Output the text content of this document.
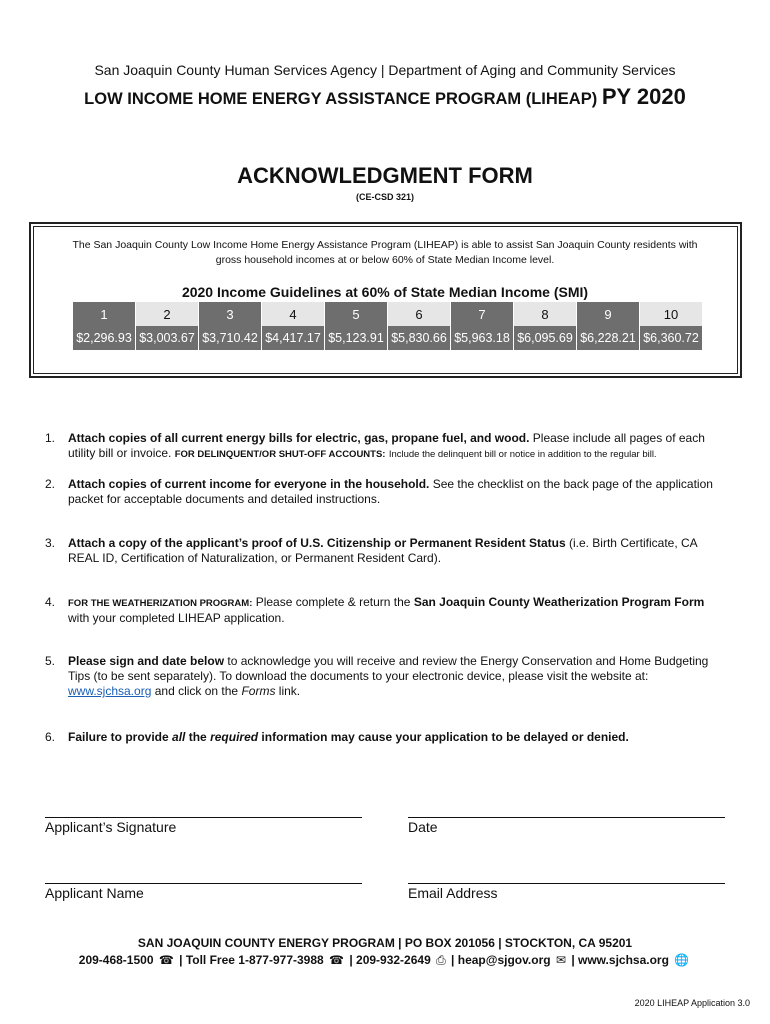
San Joaquin County Human Services Agency | Department of Aging and Community Services
LOW INCOME HOME ENERGY ASSISTANCE PROGRAM (LIHEAP) PY 2020
ACKNOWLEDGMENT FORM
(CE-CSD 321)
The San Joaquin County Low Income Home Energy Assistance Program (LIHEAP) is able to assist San Joaquin County residents with
gross household incomes at or below 60% of State Median Income level.
2020 Income Guidelines at 60% of State Median Income (SMI)
1	2	3	4	5	6	7	8	9	10
$2,296.93	$3,003.67	$3,710.42	$4,417.17	$5,123.91	$5,830.66	$5,963.18	$6,095.69	$6,228.21	$6,360.72
1. Attach copies of all current energy bills for electric, gas, propane fuel, and wood. Please include all pages of each utility bill or invoice. FOR DELINQUENT/OR SHUT-OFF ACCOUNTS: Include the delinquent bill or notice in addition to the regular bill.
2. Attach copies of current income for everyone in the household. See the checklist on the back page of the application packet for acceptable documents and detailed instructions.
3. Attach a copy of the applicant’s proof of U.S. Citizenship or Permanent Resident Status (i.e. Birth Certificate, CA REAL ID, Certification of Naturalization, or Permanent Resident Card).
4. FOR THE WEATHERIZATION PROGRAM: Please complete & return the San Joaquin County Weatherization Program Form with your completed LIHEAP application.
5. Please sign and date below to acknowledge you will receive and review the Energy Conservation and Home Budgeting Tips (to be sent separately). To download the documents to your electronic device, please visit the website at: www.sjchsa.org and click on the Forms link.
6. Failure to provide all the required information may cause your application to be delayed or denied.
Applicant’s Signature	Date
Applicant Name	Email Address
SAN JOAQUIN COUNTY ENERGY PROGRAM | PO BOX 201056 | STOCKTON, CA 95201
209-468-1500 ☎ | Toll Free 1-877-977-3988 ☎ | 209-932-2649 ⎙ | heap@sjgov.org ✉ | www.sjchsa.org 🌐
2020 LIHEAP Application 3.0
